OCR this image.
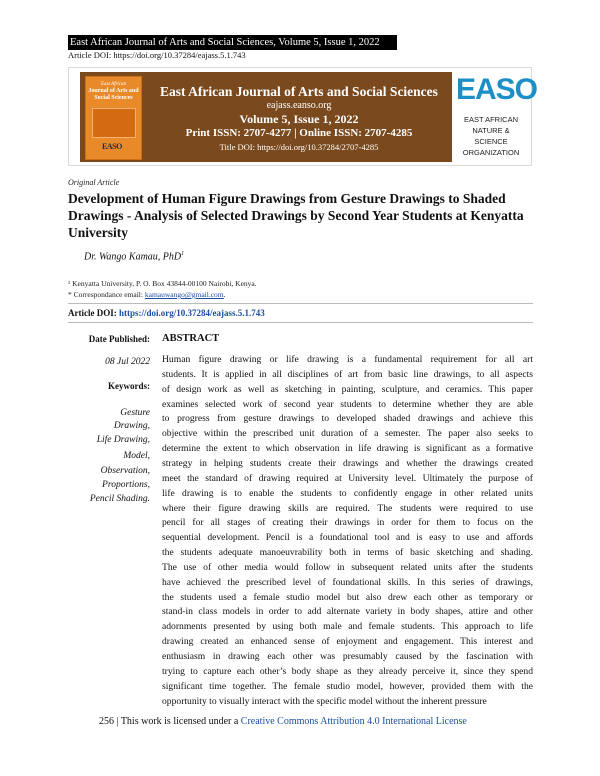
East African Journal of Arts and Social Sciences, Volume 5, Issue 1, 2022
Article DOI: https://doi.org/10.37284/eajass.5.1.743
East African
Journal of Arts and Social Sciences
EASO
East African Journal of Arts and Social Sciences
eajass.eanso.org
Volume 5, Issue 1, 2022
Print ISSN: 2707-4277 | Online ISSN: 2707-4285
Title DOI: https://doi.org/10.37284/2707-4285
EASO
EAST AFRICAN
NATURE &
SCIENCE
ORGANIZATION
Original Article
Development of Human Figure Drawings from Gesture Drawings to Shaded Drawings - Analysis of Selected Drawings by Second Year Students at Kenyatta University
Dr. Wango Kamau, PhD$^1$
¹ Kenyatta University, P. O. Box 43844-00100 Nairobi, Kenya.
* Correspondance email: kamauwango@gmail.com.
Article DOI: https://doi.org/10.37284/eajass.5.1.743
Date Published: ABSTRACT
08 Jul 2022
Keywords:
Gesture
Drawing,
Life Drawing,
Model,
Observation,
Proportions,
Pencil Shading.
Human figure drawing or life drawing is a fundamental requirement for all art
students. It is applied in all disciplines of art from basic line drawings, to all aspects
of design work as well as sketching in painting, sculpture, and ceramics. This paper
examines selected work of second year students to determine whether they are able
to progress from gesture drawings to developed shaded drawings and achieve this
objective within the prescribed unit duration of a semester. The paper also seeks to
determine the extent to which observation in life drawing is significant as a formative
strategy in helping students create their drawings and whether the drawings created
meet the standard of drawing required at University level. Ultimately the purpose of
life drawing is to enable the students to confidently engage in other related units
where their figure drawing skills are required. The students were required to use
pencil for all stages of creating their drawings in order for them to focus on the
sequential development. Pencil is a foundational tool and is easy to use and affords
the students adequate manoeuvrability both in terms of basic sketching and shading.
The use of other media would follow in subsequent related units after the students
have achieved the prescribed level of foundational skills. In this series of drawings,
the students used a female studio model but also drew each other as temporary or
stand-in class models in order to add alternate variety in body shapes, attire and other
adornments presented by using both male and female students. This approach to life
drawing created an enhanced sense of enjoyment and engagement. This interest and
enthusiasm in drawing each other was presumably caused by the fascination with
trying to capture each other’s body shape as they already perceive it, since they spend
significant time together. The female studio model, however, provided them with the
opportunity to visually interact with the specific model without the inherent pressure
256 | This work is licensed under a Creative Commons Attribution 4.0 International License
